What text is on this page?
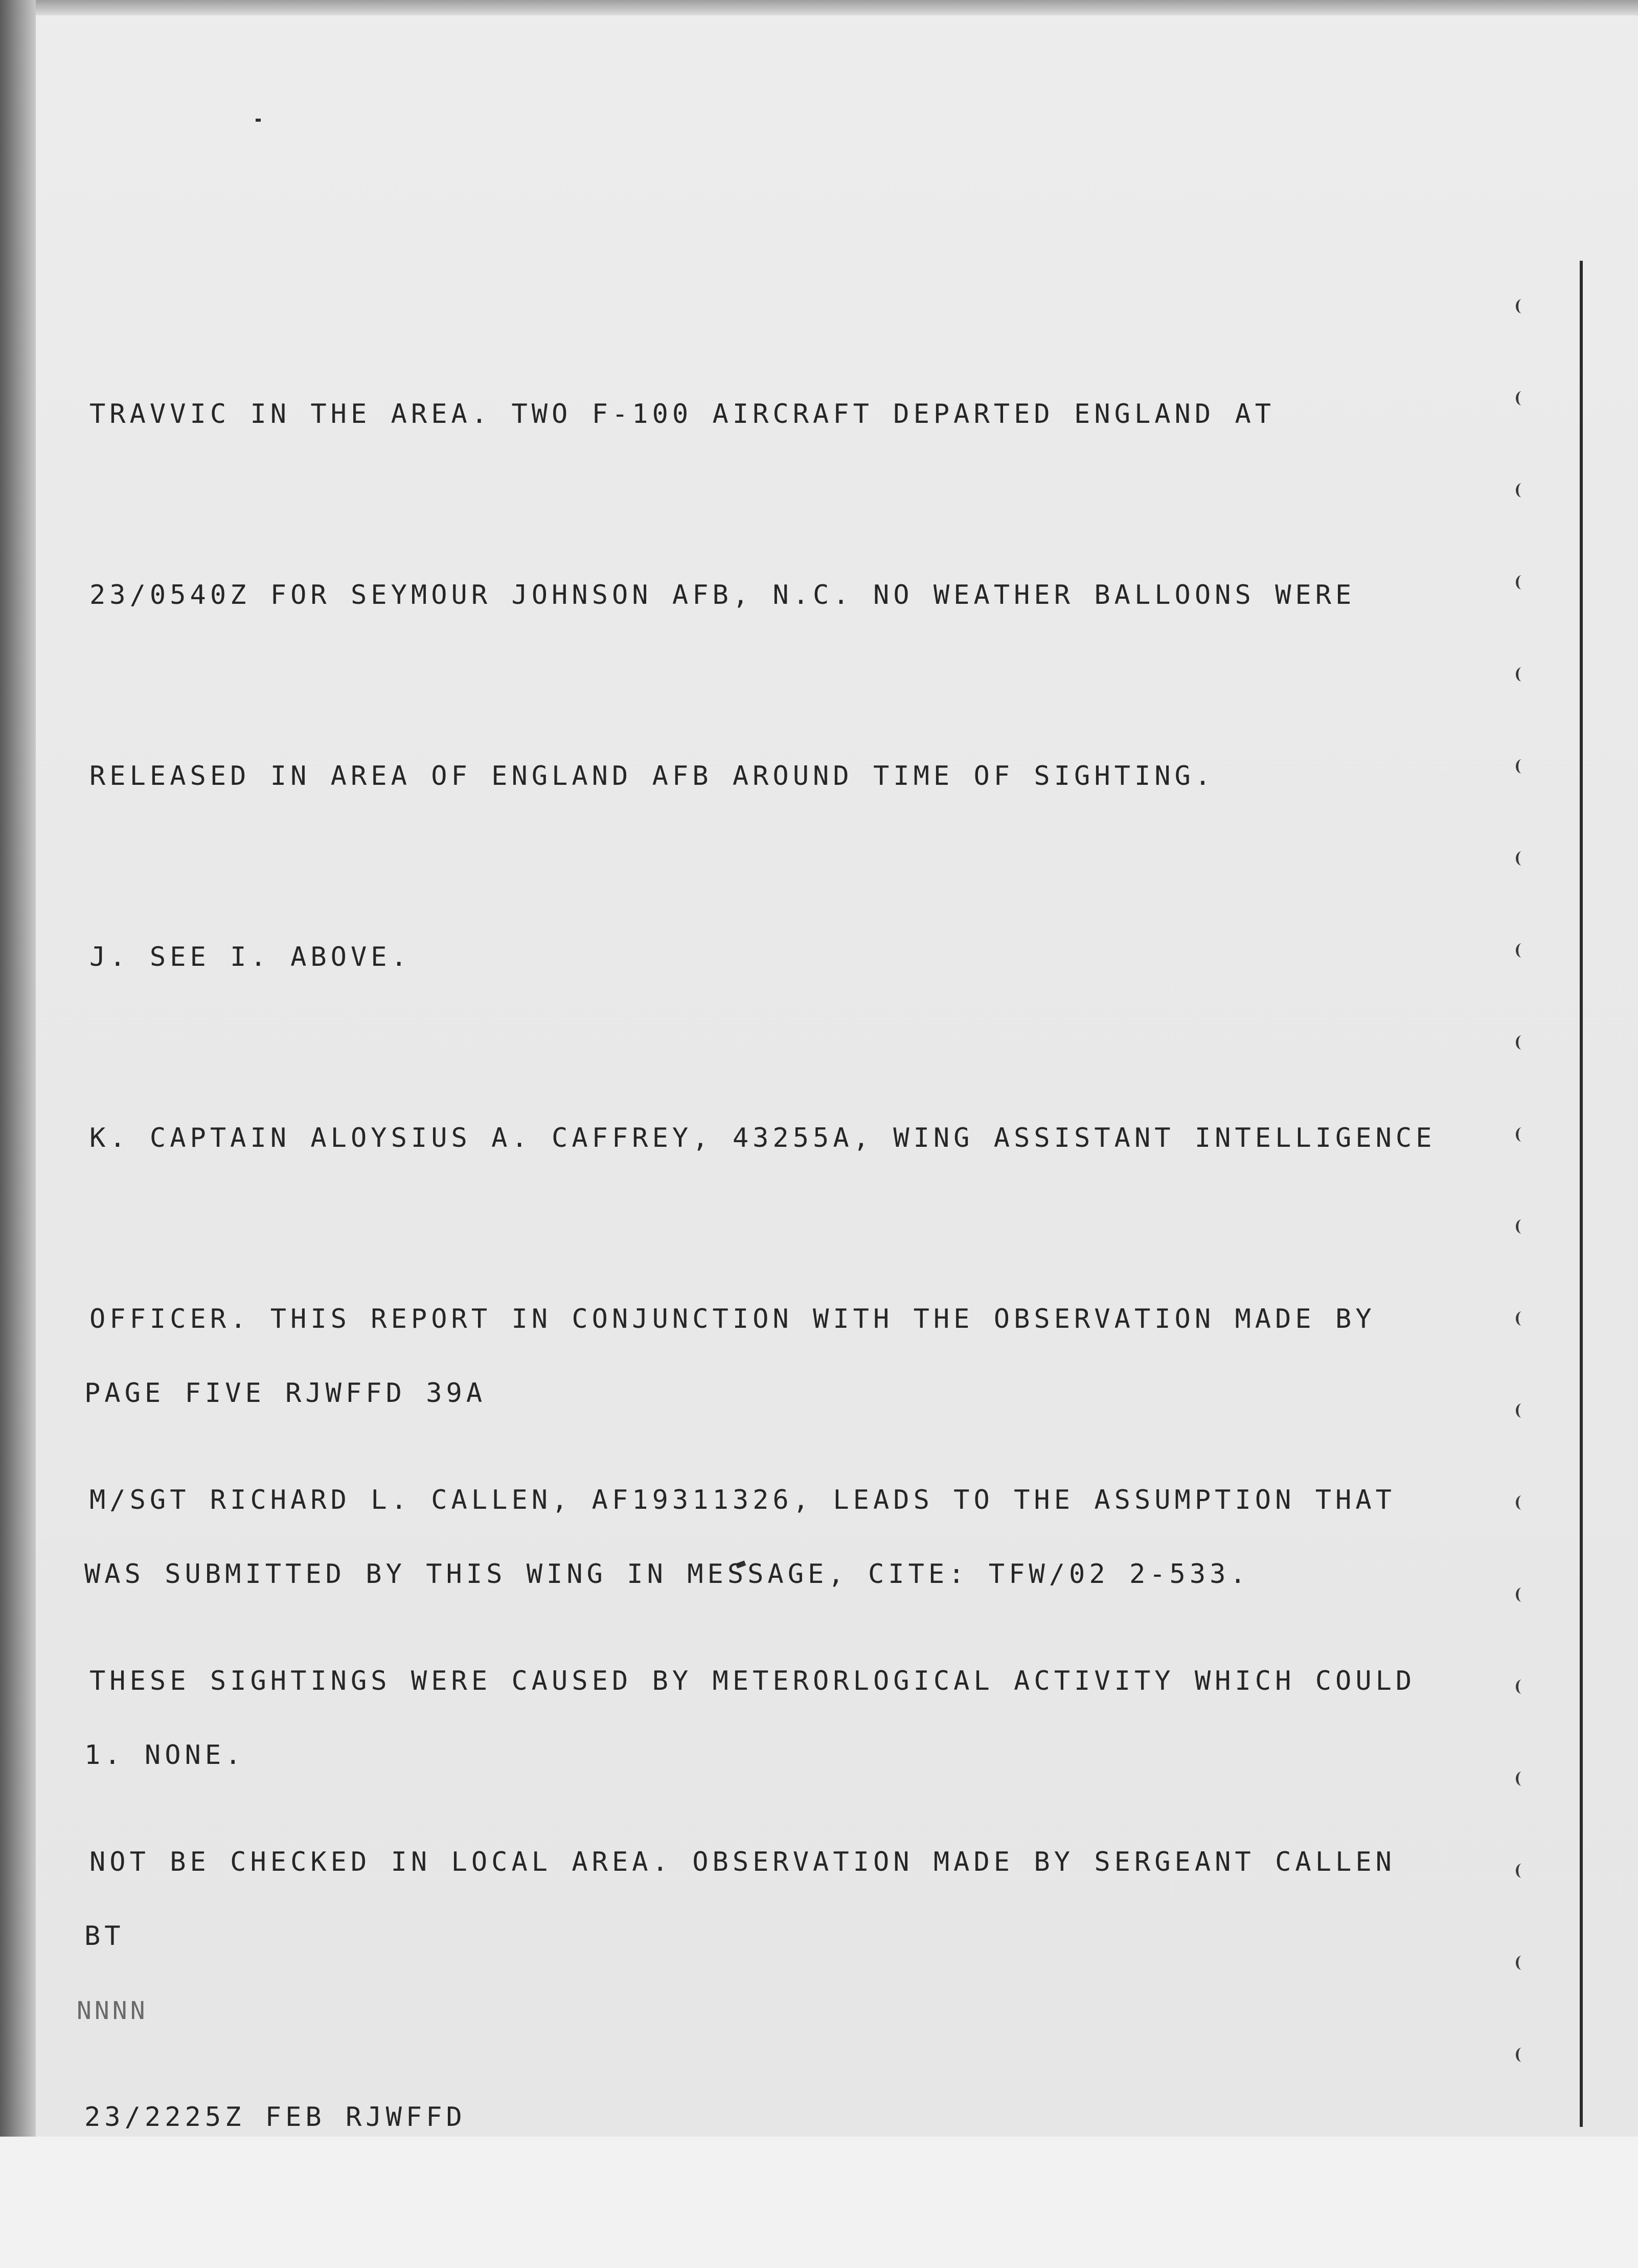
TRAVVIC IN THE AREA. TWO F-100 AIRCRAFT DEPARTED ENGLAND AT

23/0540Z FOR SEYMOUR JOHNSON AFB, N.C. NO WEATHER BALLOONS WERE

RELEASED IN AREA OF ENGLAND AFB AROUND TIME OF SIGHTING.

J. SEE I. ABOVE.

K. CAPTAIN ALOYSIUS A. CAFFREY, 43255A, WING ASSISTANT INTELLIGENCE

OFFICER. THIS REPORT IN CONJUNCTION WITH THE OBSERVATION MADE BY

M/SGT RICHARD L. CALLEN, AF19311326, LEADS TO THE ASSUMPTION THAT

THESE SIGHTINGS WERE CAUSED BY METERORLOGICAL ACTIVITY WHICH COULD

NOT BE CHECKED IN LOCAL AREA. OBSERVATION MADE BY SERGEANT CALLEN

PAGE FIVE RJWFFD 39A

WAS SUBMITTED BY THIS WING IN MESSAGE, CITE: TFW/02 2-533.

1. NONE.

BT

23/2225Z FEB RJWFFD

NNNN
